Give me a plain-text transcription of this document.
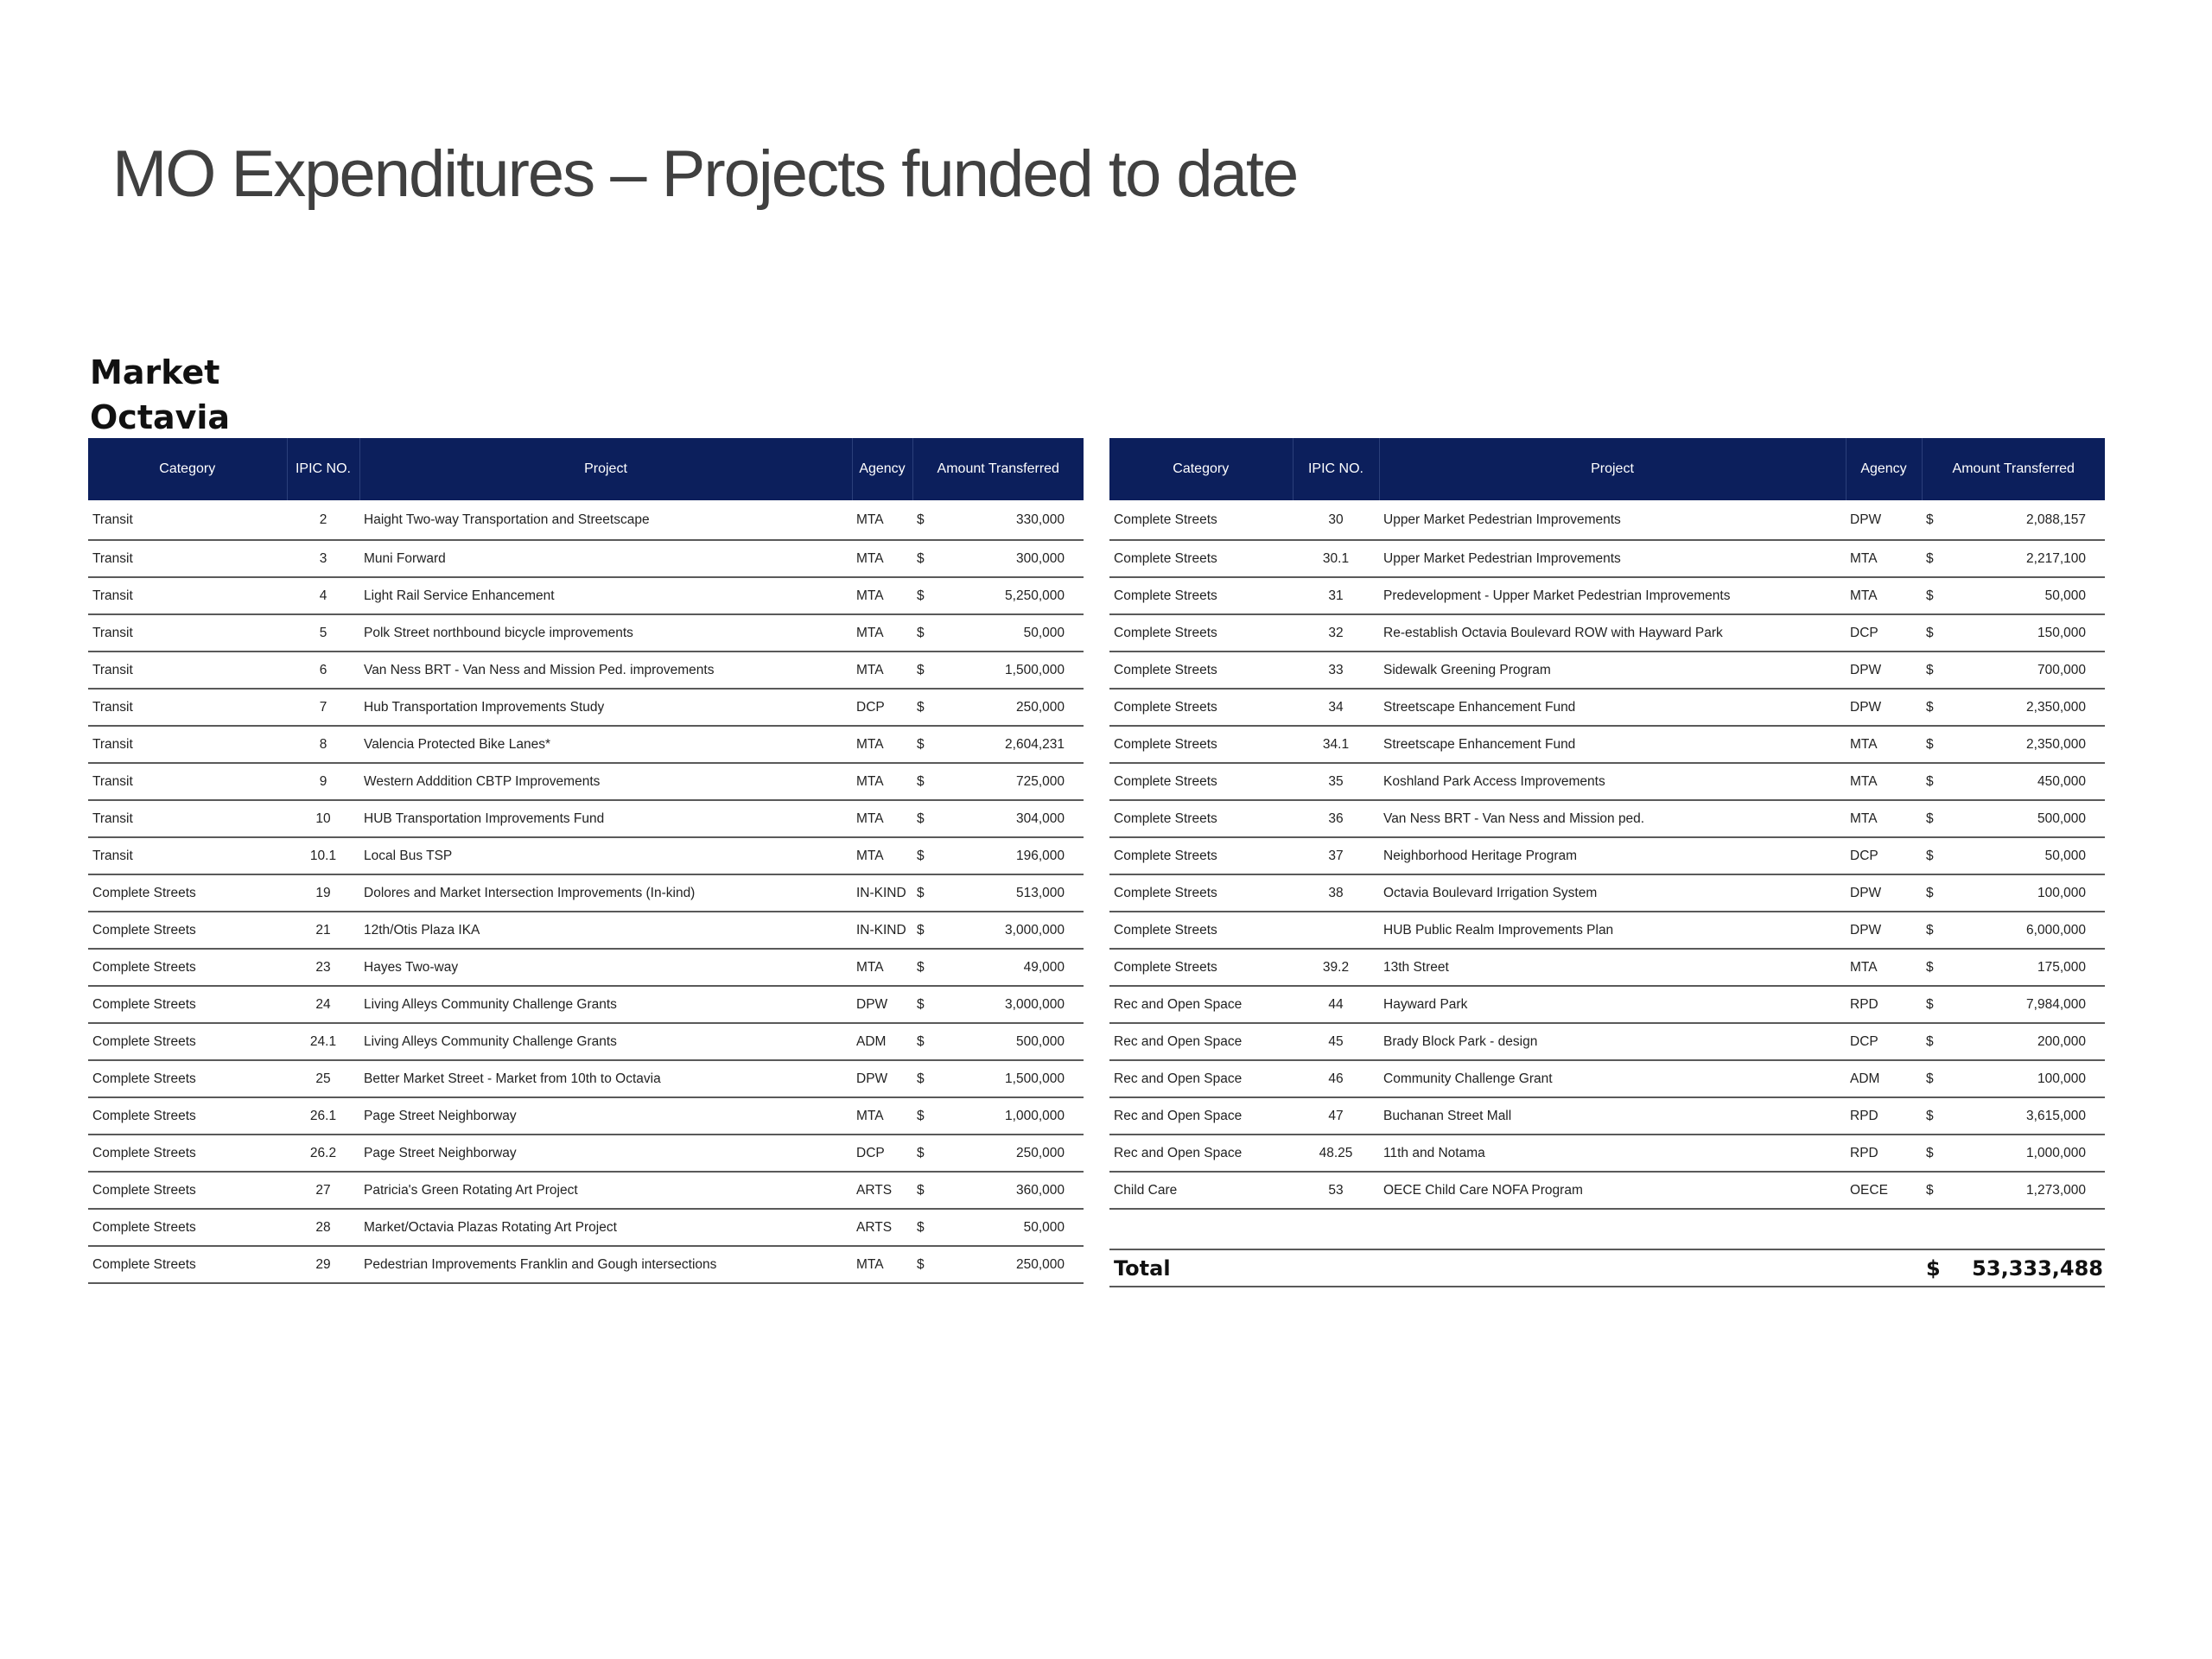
MO Expenditures – Projects funded to date
Market Octavia
Category	IPIC NO.	Project	Agency	Amount Transferred	
Transit	2	Haight Two-way Transportation and Streetscape	MTA	$	330,000
Transit	3	Muni Forward	MTA	$	300,000
Transit	4	Light Rail Service Enhancement	MTA	$	5,250,000
Transit	5	Polk Street northbound bicycle improvements	MTA	$	50,000
Transit	6	Van Ness BRT - Van Ness and Mission Ped. improvements	MTA	$	1,500,000
Transit	7	Hub Transportation Improvements Study	DCP	$	250,000
Transit	8	Valencia Protected Bike Lanes*	MTA	$	2,604,231
Transit	9	Western Adddition CBTP Improvements	MTA	$	725,000
Transit	10	HUB Transportation Improvements Fund	MTA	$	304,000
Transit	10.1	Local Bus TSP	MTA	$	196,000
Complete Streets	19	Dolores and Market Intersection Improvements (In-kind)	IN-KIND	$	513,000
Complete Streets	21	12th/Otis Plaza IKA	IN-KIND	$	3,000,000
Complete Streets	23	Hayes Two-way	MTA	$	49,000
Complete Streets	24	Living Alleys Community Challenge Grants	DPW	$	3,000,000
Complete Streets	24.1	Living Alleys Community Challenge Grants	ADM	$	500,000
Complete Streets	25	Better Market Street - Market from 10th to Octavia	DPW	$	1,500,000
Complete Streets	26.1	Page Street Neighborway	MTA	$	1,000,000
Complete Streets	26.2	Page Street Neighborway	DCP	$	250,000
Complete Streets	27	Patricia's Green Rotating Art Project	ARTS	$	360,000
Complete Streets	28	Market/Octavia Plazas Rotating Art Project	ARTS	$	50,000
Complete Streets	29	Pedestrian Improvements Franklin and Gough intersections	MTA	$	250,000
Category	IPIC NO.	Project	Agency	Amount Transferred	
Complete Streets	30	Upper Market Pedestrian Improvements	DPW	$	2,088,157
Complete Streets	30.1	Upper Market Pedestrian Improvements	MTA	$	2,217,100
Complete Streets	31	Predevelopment - Upper Market Pedestrian Improvements	MTA	$	50,000
Complete Streets	32	Re-establish Octavia Boulevard ROW with Hayward Park	DCP	$	150,000
Complete Streets	33	Sidewalk Greening Program	DPW	$	700,000
Complete Streets	34	Streetscape Enhancement Fund	DPW	$	2,350,000
Complete Streets	34.1	Streetscape Enhancement Fund	MTA	$	2,350,000
Complete Streets	35	Koshland Park Access Improvements	MTA	$	450,000
Complete Streets	36	Van Ness BRT - Van Ness and Mission ped.	MTA	$	500,000
Complete Streets	37	Neighborhood Heritage Program	DCP	$	50,000
Complete Streets	38	Octavia Boulevard Irrigation System	DPW	$	100,000
Complete Streets		HUB Public Realm Improvements Plan	DPW	$	6,000,000
Complete Streets	39.2	13th Street	MTA	$	175,000
Rec and Open Space	44	Hayward Park	RPD	$	7,984,000
Rec and Open Space	45	Brady Block Park - design	DCP	$	200,000
Rec and Open Space	46	Community Challenge Grant	ADM	$	100,000
Rec and Open Space	47	Buchanan Street Mall	RPD	$	3,615,000
Rec and Open Space	48.25	11th and Notama	RPD	$	1,000,000
Child Care	53	OECE Child Care NOFA Program	OECE	$	1,273,000

Total				$	53,333,488
